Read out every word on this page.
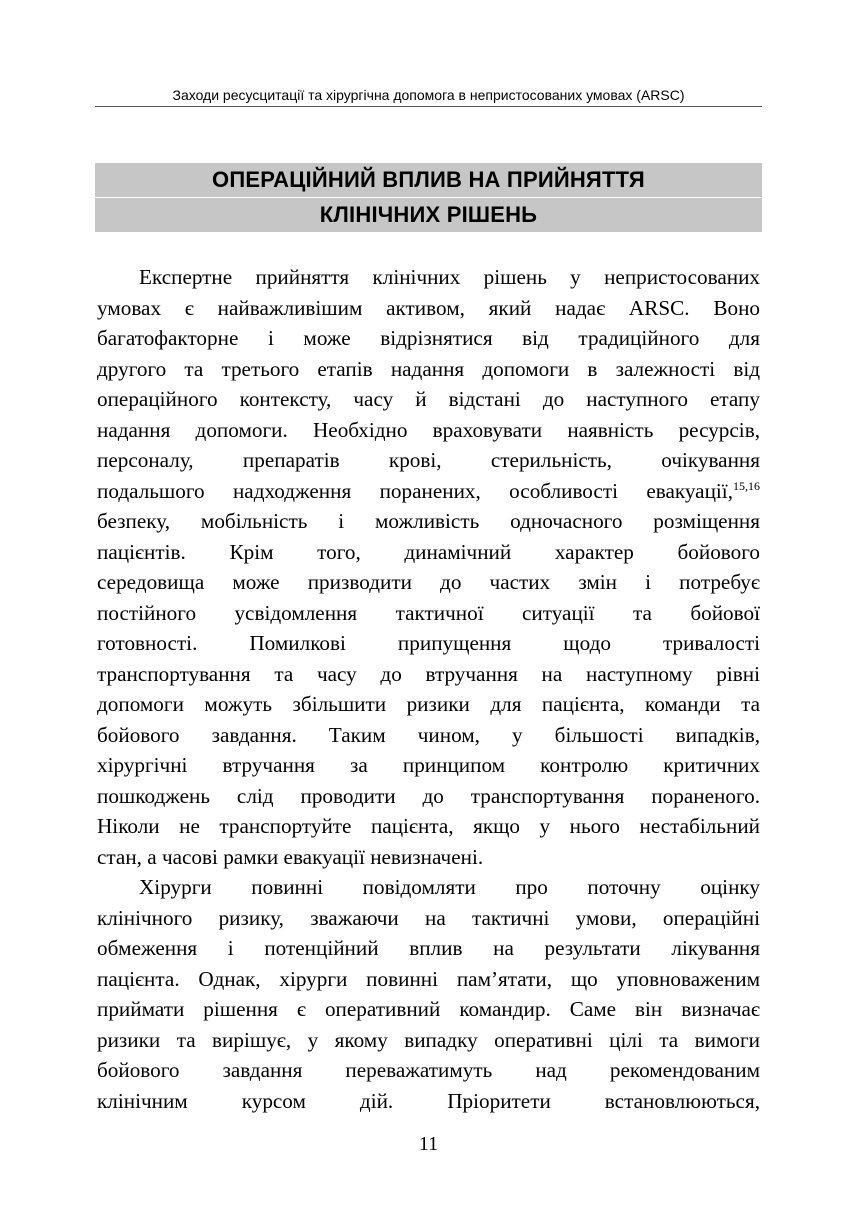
Заходи ресусцитації та хірургічна допомога в непристосованих умовах (ARSC)
ОПЕРАЦІЙНИЙ ВПЛИВ НА ПРИЙНЯТТЯ
КЛІНІЧНИХ РІШЕНЬ
Експертне прийняття клінічних рішень у непристосованих
умовах є найважливішим активом, який надає ARSC. Воно
багатофакторне і може відрізнятися від традиційного для
другого та третього етапів надання допомоги в залежності від
операційного контексту, часу й відстані до наступного етапу
надання допомоги. Необхідно враховувати наявність ресурсів,
персоналу, препаратів крові, стерильність, очікування
подальшого надходження поранених, особливості евакуації,$^{15,16}$
безпеку, мобільність і можливість одночасного розміщення
пацієнтів. Крім того, динамічний характер бойового
середовища може призводити до частих змін і потребує
постійного усвідомлення тактичної ситуації та бойової
готовності. Помилкові припущення щодо тривалості
транспортування та часу до втручання на наступному рівні
допомоги можуть збільшити ризики для пацієнта, команди та
бойового завдання. Таким чином, у більшості випадків,
хірургічні втручання за принципом контролю критичних
пошкоджень слід проводити до транспортування пораненого.
Ніколи не транспортуйте пацієнта, якщо у нього нестабільний
стан, а часові рамки евакуації невизначені.
Хірурги повинні повідомляти про поточну оцінку
клінічного ризику, зважаючи на тактичні умови, операційні
обмеження і потенційний вплив на результати лікування
пацієнта. Однак, хірурги повинні пам’ятати, що уповноваженим
приймати рішення є оперативний командир. Саме він визначає
ризики та вирішує, у якому випадку оперативні цілі та вимоги
бойового завдання переважатимуть над рекомендованим
клінічним курсом дій. Пріоритети встановлюються,
11
